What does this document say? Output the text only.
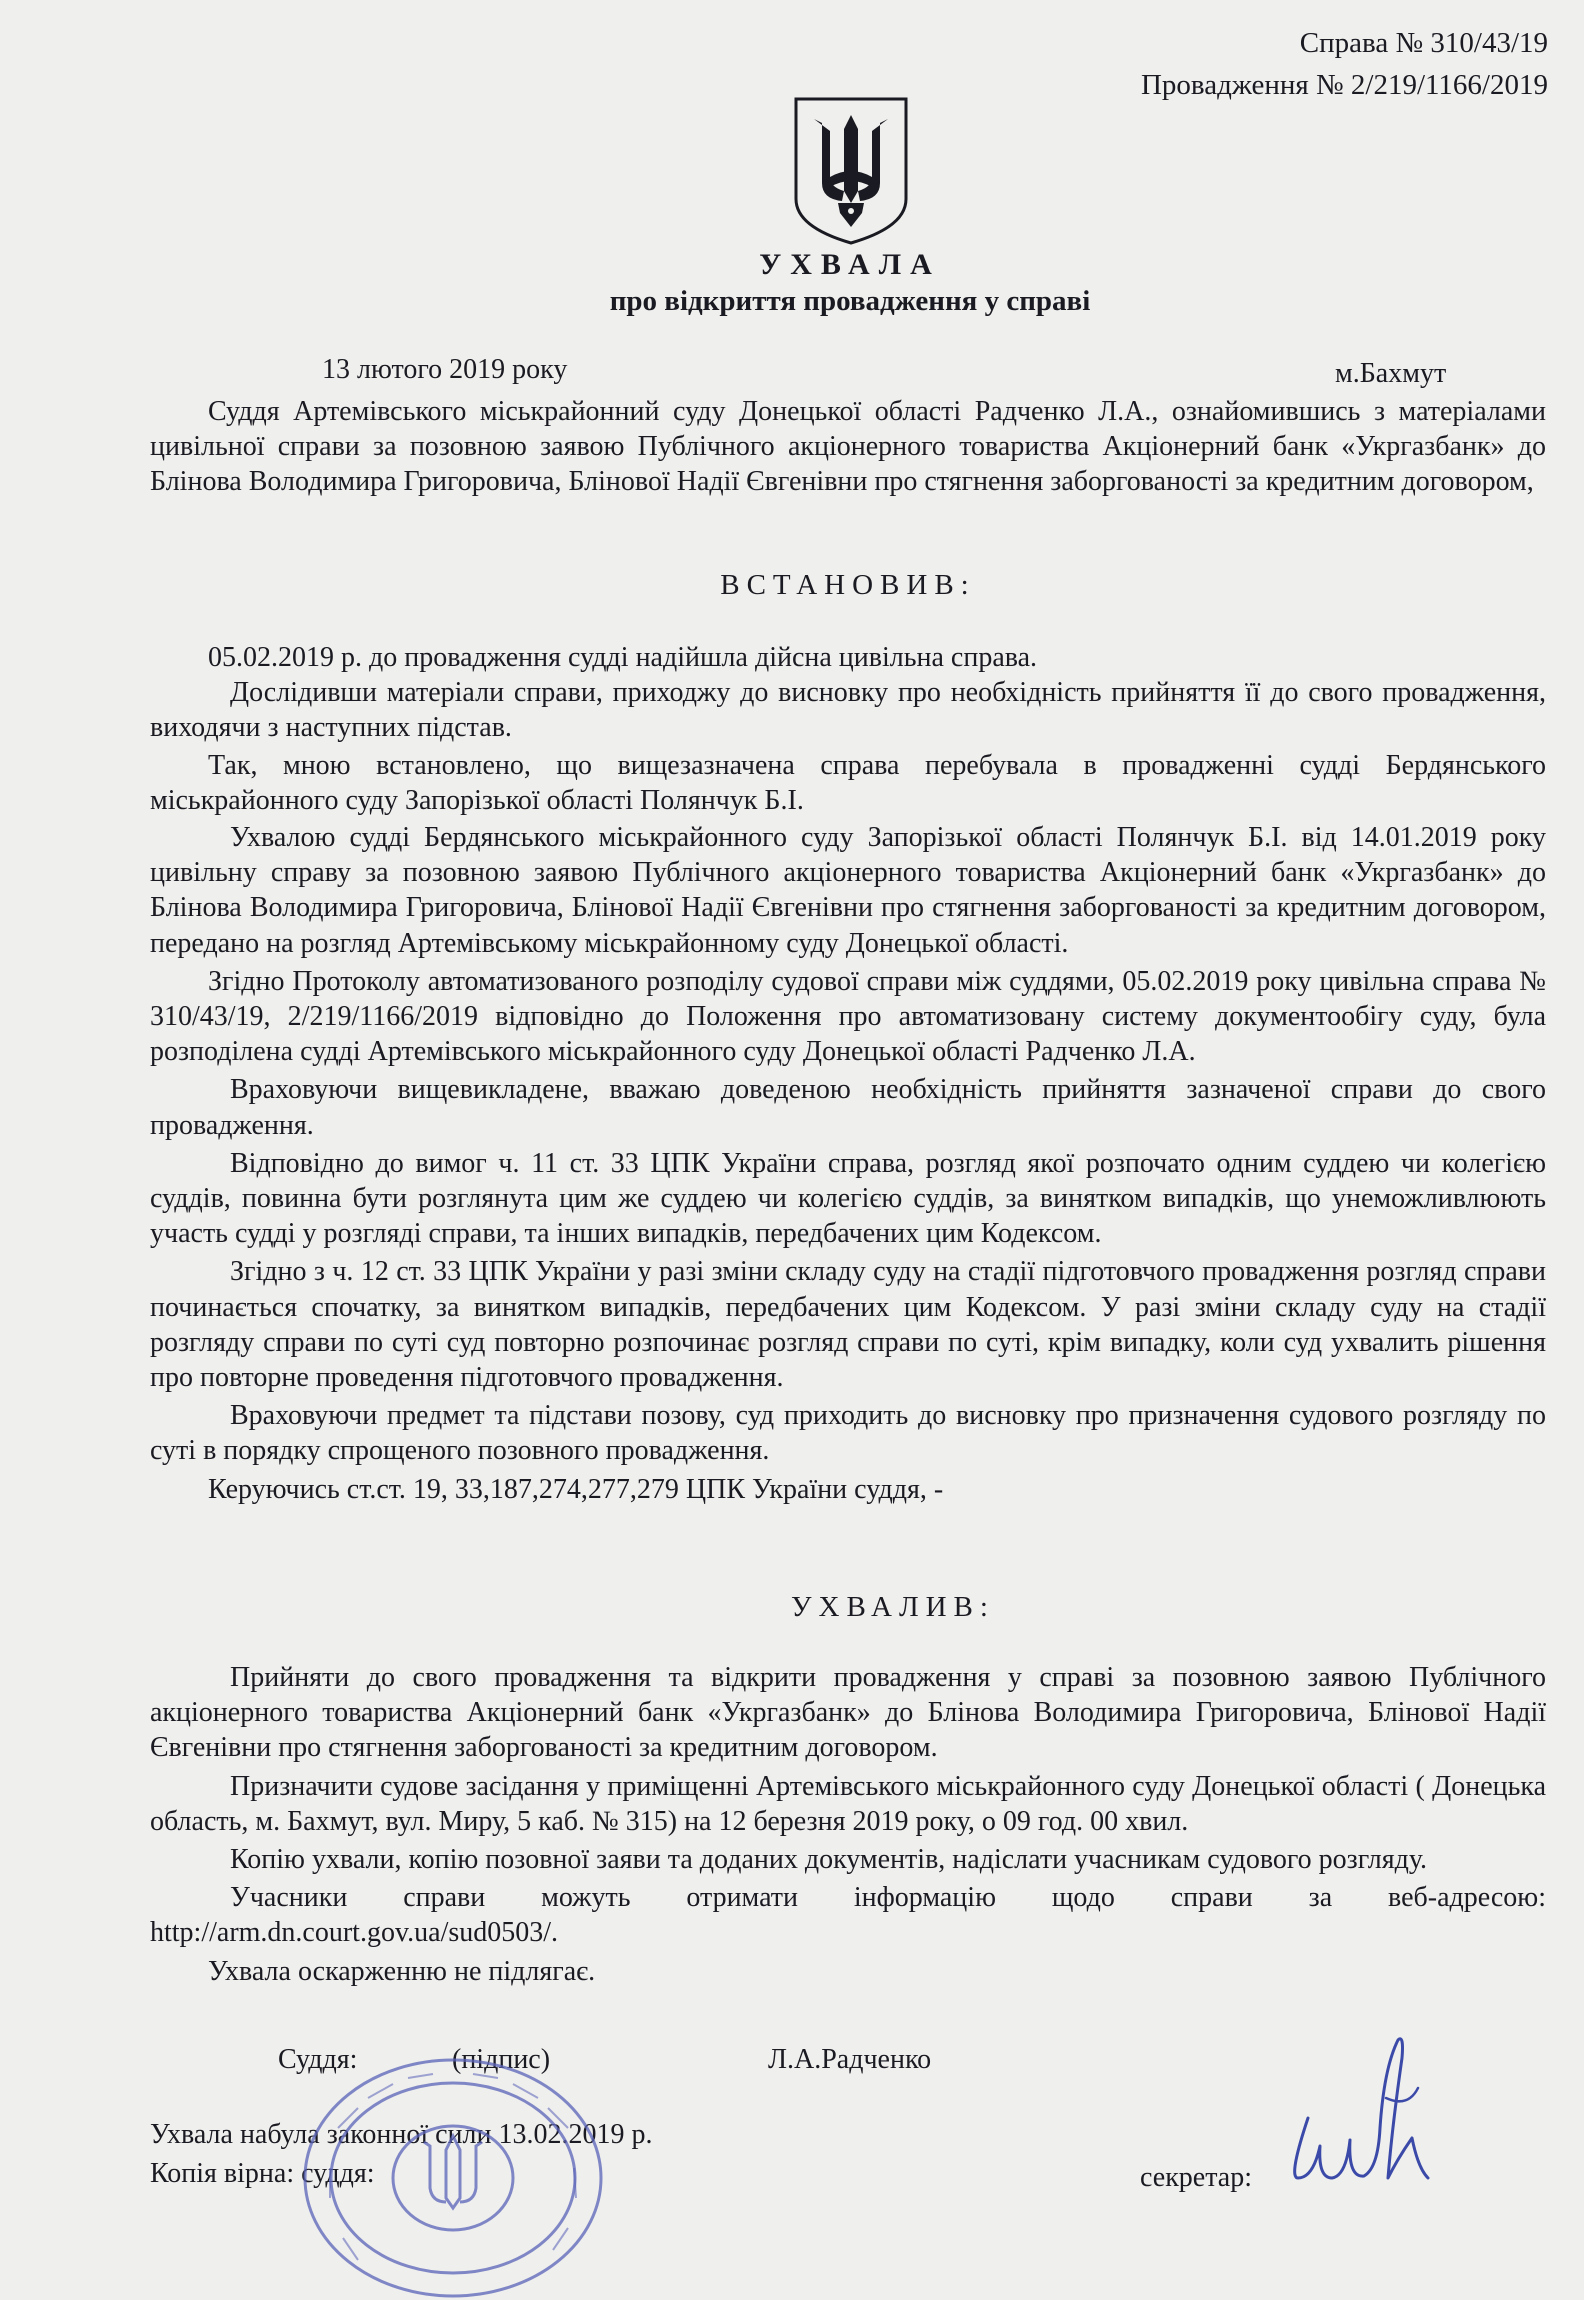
Справа № 310/43/19
Провадження № 2/219/1166/2019
УХВАЛА
про відкриття провадження у справі
13 лютого 2019 року	м.Бахмут

Суддя Артемівського міськрайонний суду Донецької області Радченко Л.А., ознайомившись з матеріалами цивільної справи за позовною заявою Публічного акціонерного товариства Акціонерний банк «Укргазбанк» до Блінова Володимира Григоровича, Блінової Надії Євгенівни про стягнення заборгованості за кредитним договором,

ВСТАНОВИВ:

05.02.2019 р. до провадження судді надійшла дійсна цивільна справа.

Дослідивши матеріали справи, приходжу до висновку про необхідність прийняття її до свого провадження, виходячи з наступних підстав.

Так, мною встановлено, що вищезазначена справа перебувала в провадженні судді Бердянського міськрайонного суду Запорізької області Полянчук Б.І.

Ухвалою судді Бердянського міськрайонного суду Запорізької області Полянчук Б.І. від 14.01.2019 року цивільну справу за позовною заявою Публічного акціонерного товариства Акціонерний банк «Укргазбанк» до Блінова Володимира Григоровича, Блінової Надії Євгенівни про стягнення заборгованості за кредитним договором, передано на розгляд Артемівському міськрайонному суду Донецької області.

Згідно Протоколу автоматизованого розподілу судової справи між суддями, 05.02.2019 року цивільна справа № 310/43/19, 2/219/1166/2019 відповідно до Положення про автоматизовану систему документообігу суду, була розподілена судді Артемівського міськрайонного суду Донецької області Радченко Л.А.

Враховуючи вищевикладене, вважаю доведеною необхідність прийняття зазначеної справи до свого провадження.

Відповідно до вимог ч. 11 ст. 33 ЦПК України справа, розгляд якої розпочато одним суддею чи колегією суддів, повинна бути розглянута цим же суддею чи колегією суддів, за винятком випадків, що унеможливлюють участь судді у розгляді справи, та інших випадків, передбачених цим Кодексом.

Згідно з ч. 12 ст. 33 ЦПК України у разі зміни складу суду на стадії підготовчого провадження розгляд справи починається спочатку, за винятком випадків, передбачених цим Кодексом. У разі зміни складу суду на стадії розгляду справи по суті суд повторно розпочинає розгляд справи по суті, крім випадку, коли суд ухвалить рішення про повторне проведення підготовчого провадження.

Враховуючи предмет та підстави позову, суд приходить до висновку про призначення судового розгляду по суті в порядку спрощеного позовного провадження.

Керуючись ст.ст. 19, 33,187,274,277,279 ЦПК України суддя, -

УХВАЛИВ:

Прийняти до свого провадження та відкрити провадження у справі за позовною заявою Публічного акціонерного товариства Акціонерний банк «Укргазбанк» до Блінова Володимира Григоровича, Блінової Надії Євгенівни про стягнення заборгованості за кредитним договором.

Призначити судове засідання у приміщенні Артемівського міськрайонного суду Донецької області ( Донецька область, м. Бахмут, вул. Миру, 5 каб. № 315) на 12 березня 2019 року, о 09 год. 00 хвил.

Копію ухвали, копію позовної заяви та доданих документів, надіслати учасникам судового розгляду.

Учасники справи можуть отримати інформацію щодо справи за веб-адресою: http://arm.dn.court.gov.ua/sud0503/.

Ухвала оскарженню не підлягає.

Суддя:	(підпис)	Л.А.Радченко
Ухвала набула законної сили 13.02.2019 р.
Копія вірна: суддя:	секретар:
